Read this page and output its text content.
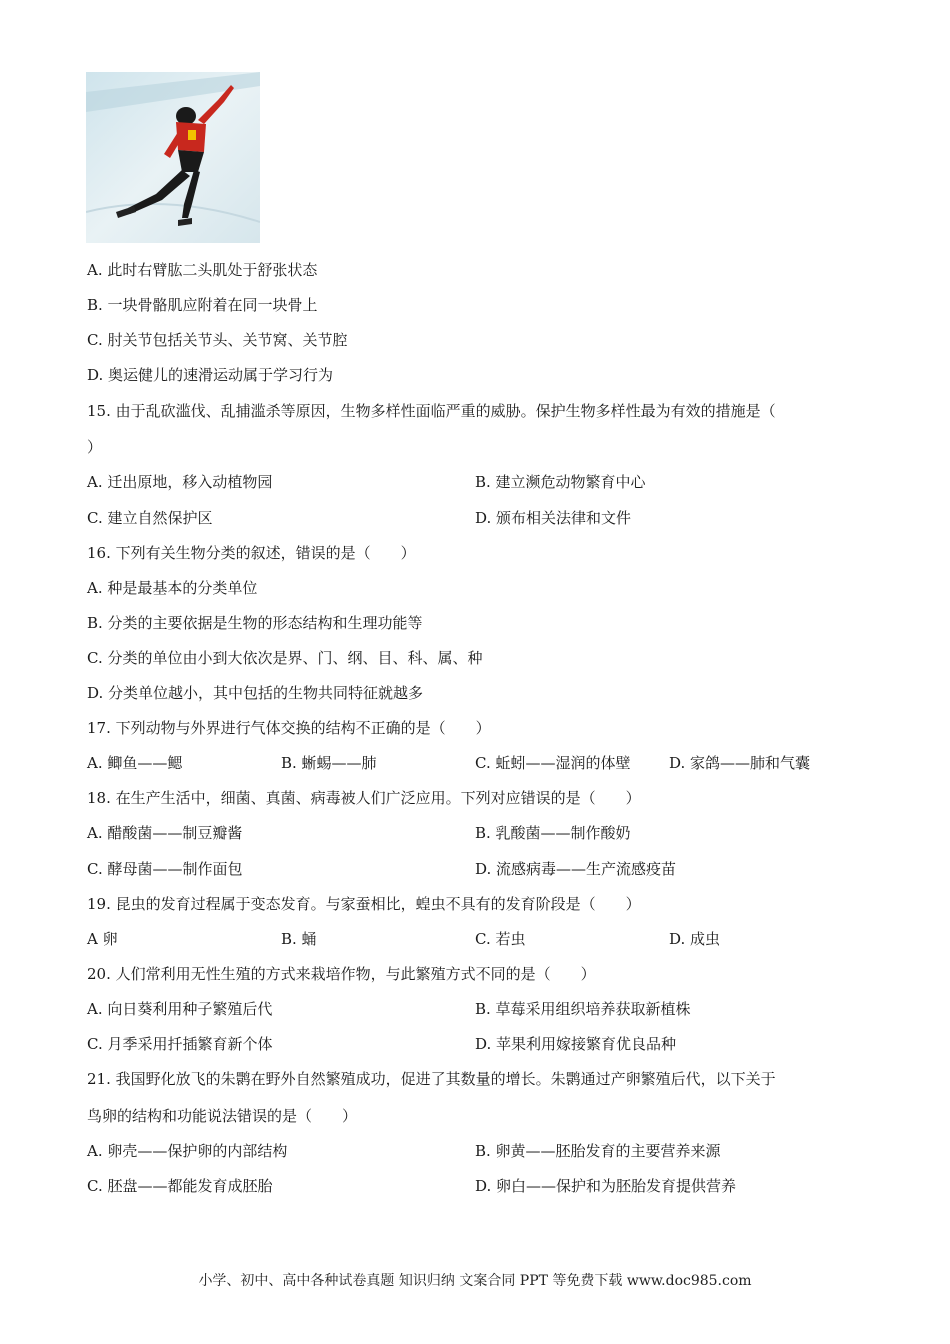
A. 此时右臂肱二头肌处于舒张状态
B. 一块骨骼肌应附着在同一块骨上
C. 肘关节包括关节头、关节窝、关节腔
D. 奥运健儿的速滑运动属于学习行为
15. 由于乱砍滥伐、乱捕滥杀等原因，生物多样性面临严重的威胁。保护生物多样性最为有效的措施是（
）
A. 迁出原地，移入动植物园	B. 建立濒危动物繁育中心
C. 建立自然保护区	D. 颁布相关法律和文件
16. 下列有关生物分类的叙述，错误的是（　　）
A. 种是最基本的分类单位
B. 分类的主要依据是生物的形态结构和生理功能等
C. 分类的单位由小到大依次是界、门、纲、目、科、属、种
D. 分类单位越小，其中包括的生物共同特征就越多
17. 下列动物与外界进行气体交换的结构不正确的是（　　）
A. 鲫鱼——鳃	B. 蜥蜴——肺	C. 蚯蚓——湿润的体壁	D. 家鸽——肺和气囊
18. 在生产生活中，细菌、真菌、病毒被人们广泛应用。下列对应错误的是（　　）
A. 醋酸菌——制豆瓣酱	B. 乳酸菌——制作酸奶
C. 酵母菌——制作面包	D. 流感病毒——生产流感疫苗
19. 昆虫的发育过程属于变态发育。与家蚕相比，蝗虫不具有的发育阶段是（　　）
A 卵	B. 蛹	C. 若虫	D. 成虫
20. 人们常利用无性生殖的方式来栽培作物，与此繁殖方式不同的是（　　）
A. 向日葵利用种子繁殖后代	B. 草莓采用组织培养获取新植株
C. 月季采用扦插繁育新个体	D. 苹果利用嫁接繁育优良品种
21. 我国野化放飞的朱鹮在野外自然繁殖成功，促进了其数量的增长。朱鹮通过产卵繁殖后代，以下关于
鸟卵的结构和功能说法错误的是（　　）
A. 卵壳——保护卵的内部结构	B. 卵黄——胚胎发育的主要营养来源
C. 胚盘——都能发育成胚胎	D. 卵白——保护和为胚胎发育提供营养
小学、初中、高中各种试卷真题 知识归纳 文案合同 PPT 等免费下载 www.doc985.com
